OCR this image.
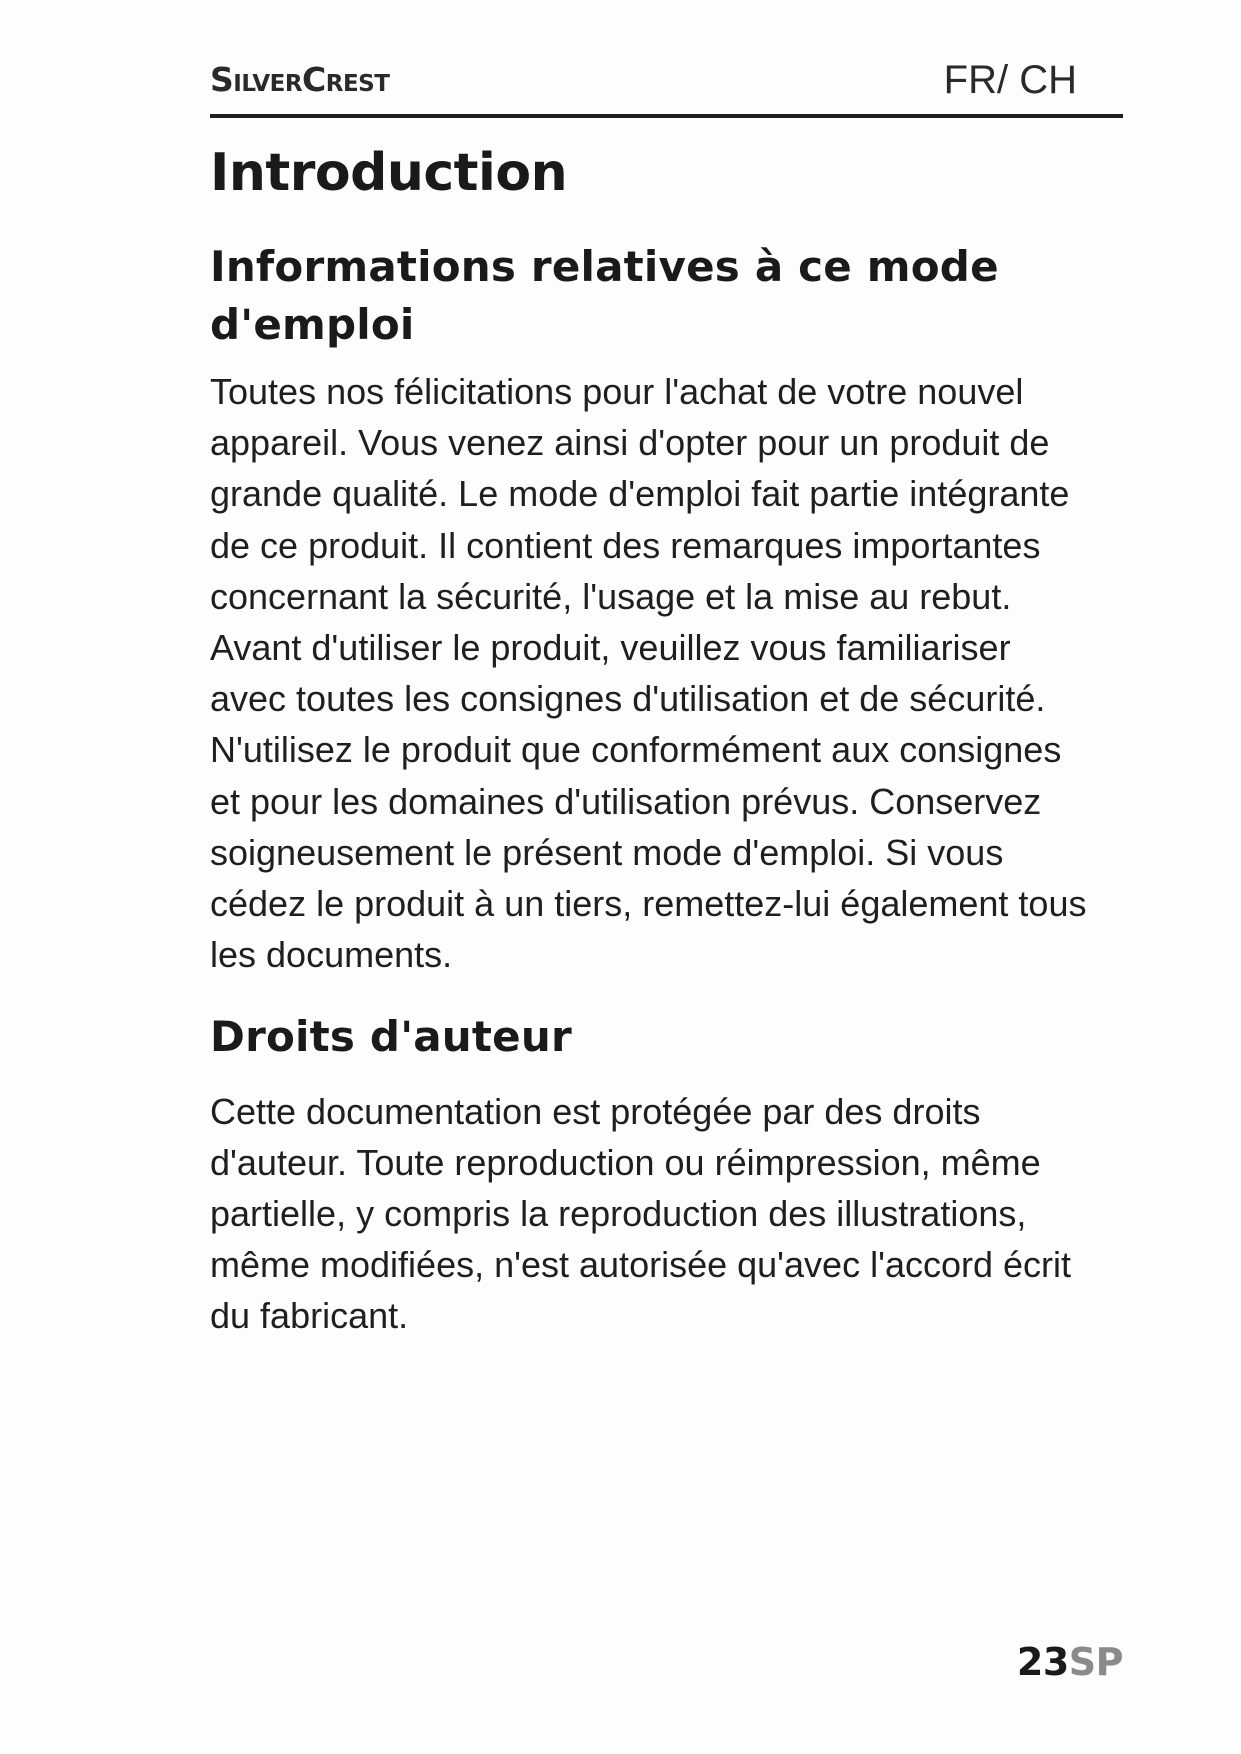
SilverCrest	FR/ CH
Introduction
Informations relatives à ce mode d'emploi

Toutes nos félicitations pour l'achat de votre nouvel appareil. Vous venez ainsi d'opter pour un produit de grande qualité. Le mode d'emploi fait partie intégrante de ce produit. Il contient des remarques importantes concernant la sécurité, l'usage et la mise au rebut. Avant d'utiliser le produit, veuillez vous familiariser avec toutes les consignes d'utilisation et de sécurité. N'utilisez le produit que conformément aux consignes et pour les domaines d'utilisation prévus. Conservez soigneusement le présent mode d'emploi. Si vous cédez le produit à un tiers, remettez-lui également tous les documents.

Droits d'auteur

Cette documentation est protégée par des droits d'auteur. Toute reproduction ou réimpression, même partielle, y compris la reproduction des illustrations, même modifiées, n'est autorisée qu'avec l'accord écrit du fabricant.

23SP
